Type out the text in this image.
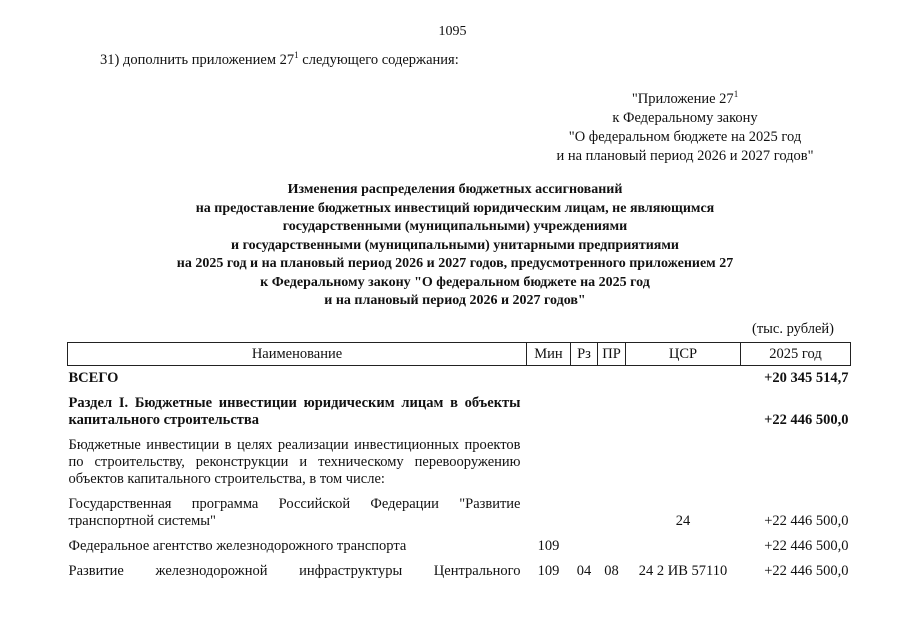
1095
31) дополнить приложением $27^1$ следующего содержания:
"Приложение $27^1$
к Федеральному закону
"О федеральном бюджете на 2025 год
и на плановый период 2026 и 2027 годов"
Изменения распределения бюджетных ассигнований
на предоставление бюджетных инвестиций юридическим лицам, не являющимся
государственными (муниципальными) учреждениями
и государственными (муниципальными) унитарными предприятиями
на 2025 год и на плановый период 2026 и 2027 годов, предусмотренного приложением 27
к Федеральному закону "О федеральном бюджете на 2025 год
и на плановый период 2026 и 2027 годов"
(тыс. рублей)
Наименование	Мин	Рз	ПР	ЦСР	2025 год
ВСЕГО					+20 345 514,7
Раздел I. Бюджетные инвестиции юридическим лицам в объекты капитального строительства					+22 446 500,0
Бюджетные инвестиции в целях реализации инвестиционных проектов по строительству, реконструкции и техническому перевооружению объектов капитального строительства, в том числе:					
Государственная программа Российской Федерации "Развитие транспортной системы"				24	+22 446 500,0
Федеральное агентство железнодорожного транспорта	109				+22 446 500,0
Развитие железнодорожной инфраструктуры Центрального	109	04	08	24 2 ИВ 57110	+22 446 500,0
